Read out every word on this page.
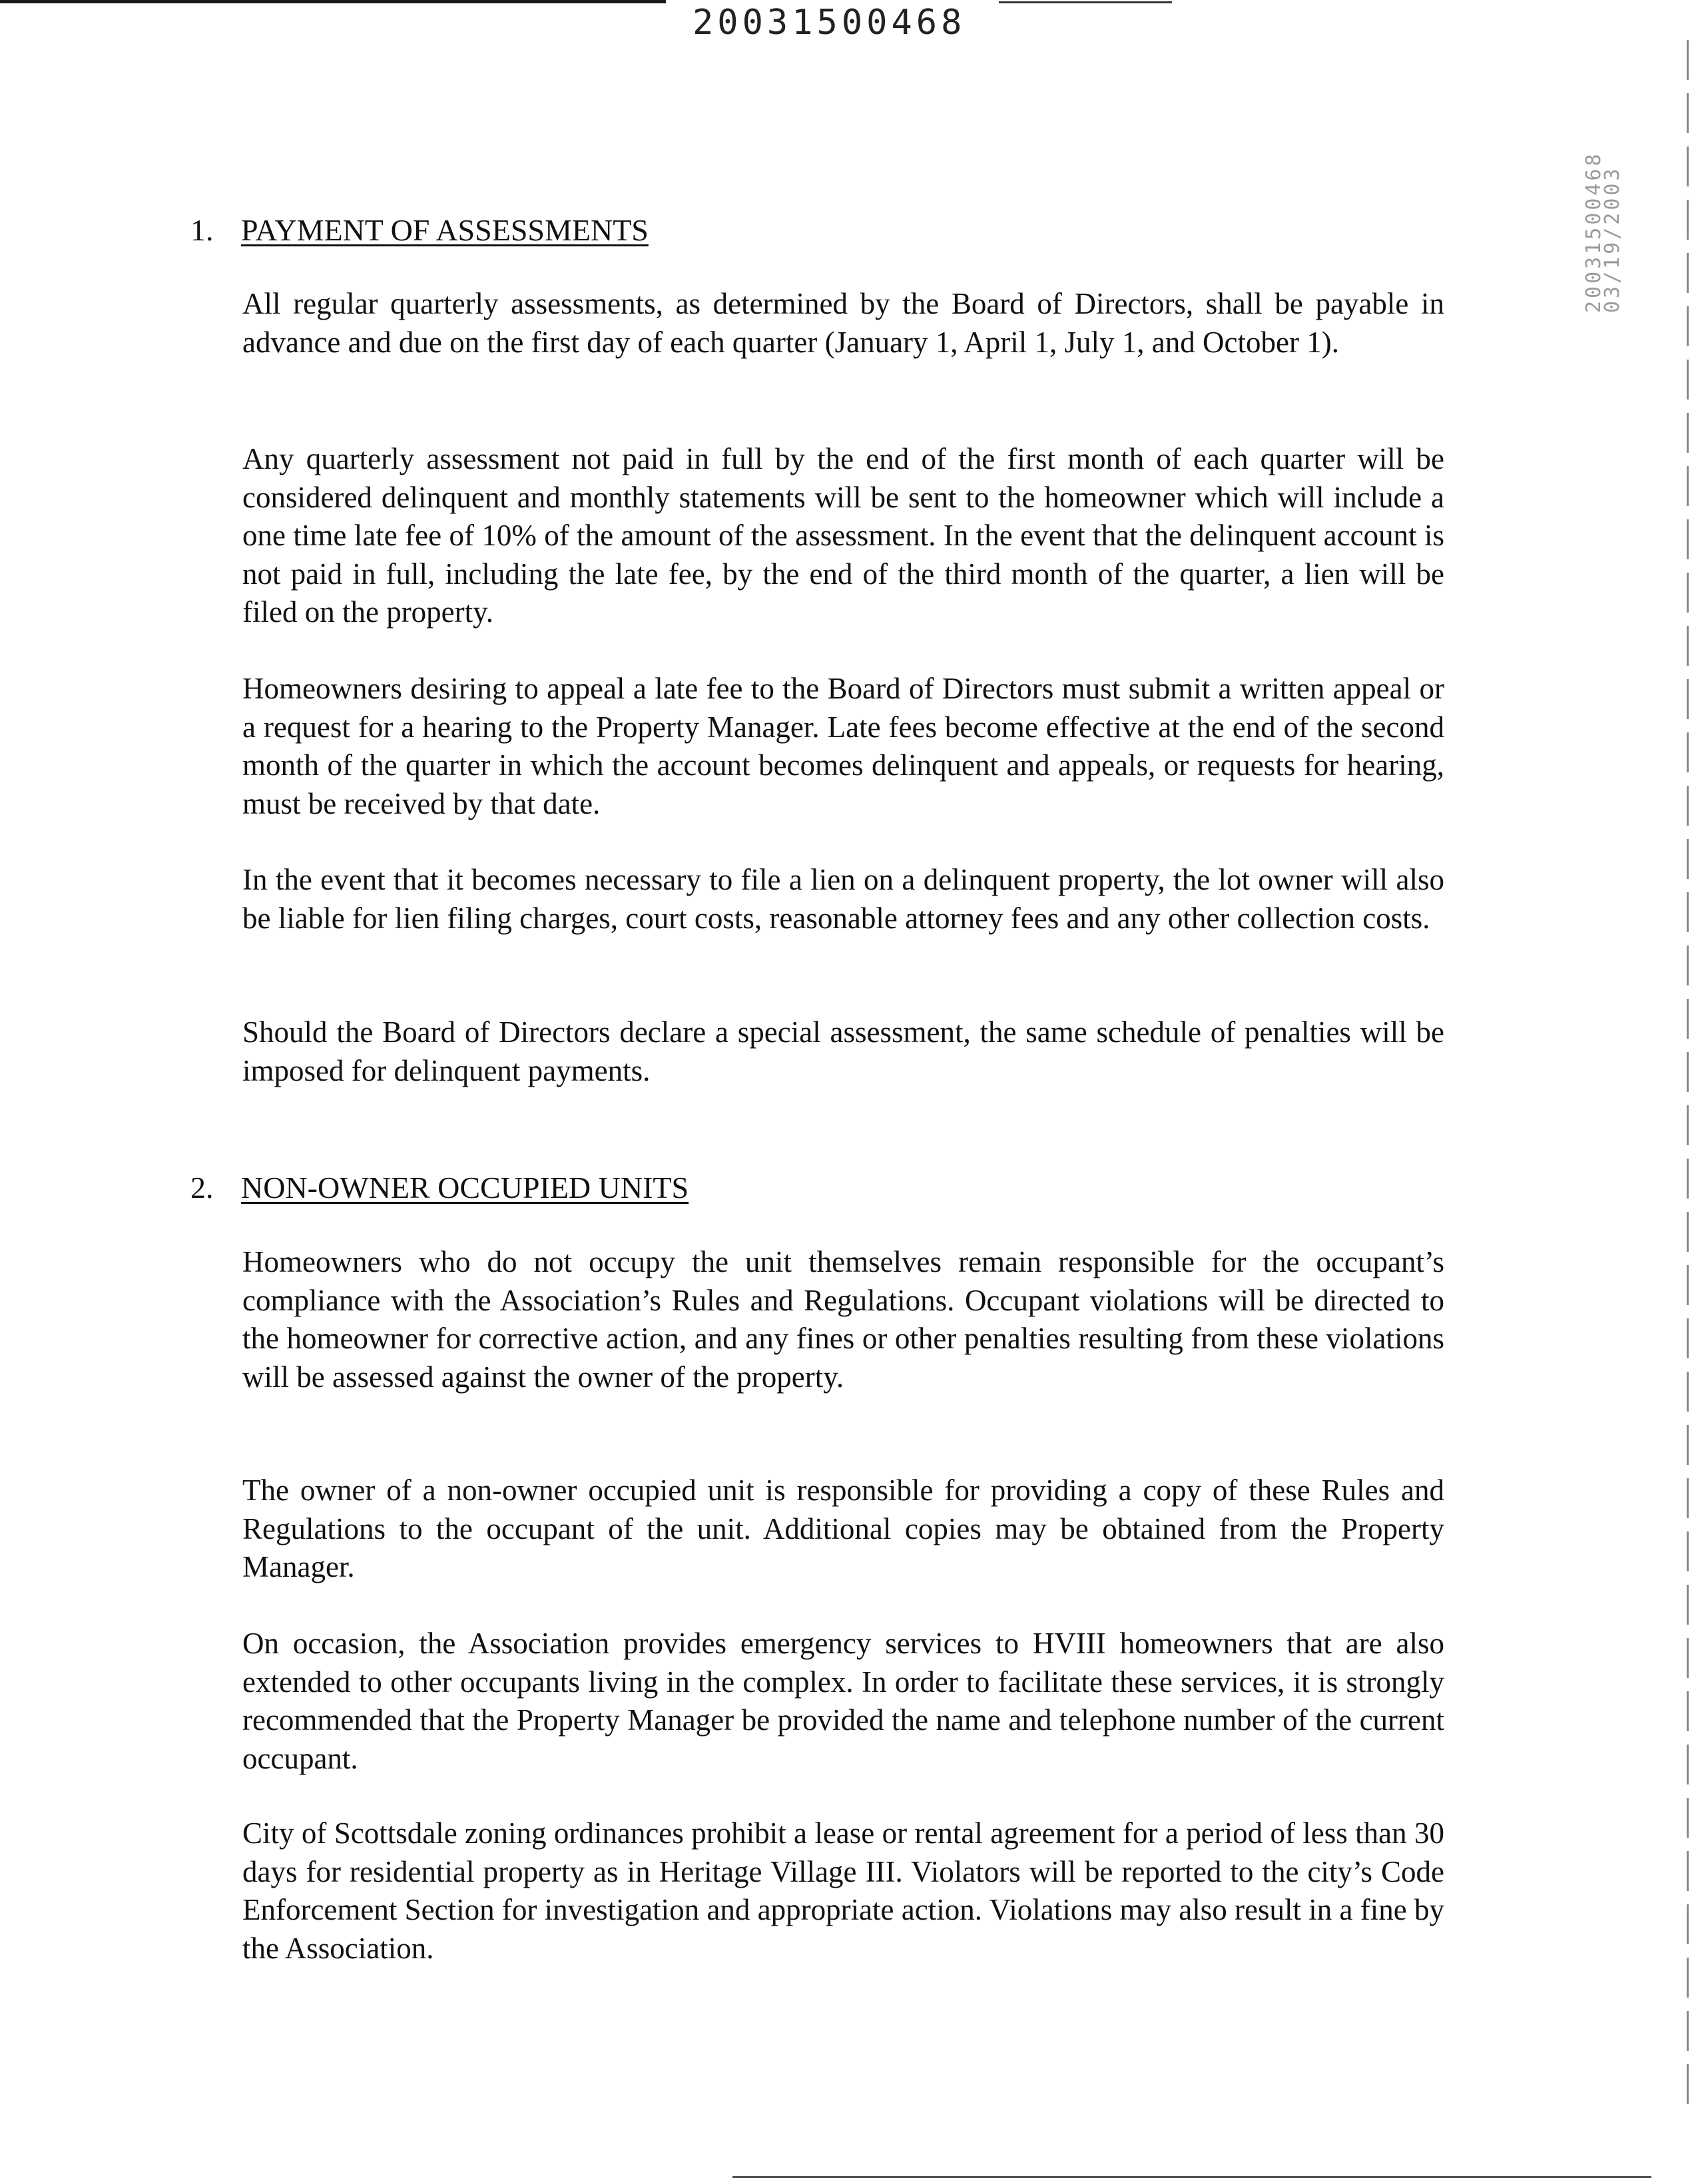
20031500468
20031500468
03/19/2003
1. PAYMENT OF ASSESSMENTS

All regular quarterly assessments, as determined by the Board of Directors, shall be payable in advance and due on the first day of each quarter (January 1, April 1, July 1, and October 1).

Any quarterly assessment not paid in full by the end of the first month of each quarter will be considered delinquent and monthly statements will be sent to the homeowner which will include a one time late fee of 10% of the amount of the assessment. In the event that the delinquent account is not paid in full, including the late fee, by the end of the third month of the quarter, a lien will be filed on the property.

Homeowners desiring to appeal a late fee to the Board of Directors must submit a written appeal or a request for a hearing to the Property Manager. Late fees become effective at the end of the second month of the quarter in which the account becomes delinquent and appeals, or requests for hearing, must be received by that date.

In the event that it becomes necessary to file a lien on a delinquent property, the lot owner will also be liable for lien filing charges, court costs, reasonable attorney fees and any other collection costs.

Should the Board of Directors declare a special assessment, the same schedule of penalties will be imposed for delinquent payments.

2. NON-OWNER OCCUPIED UNITS

Homeowners who do not occupy the unit themselves remain responsible for the occupant’s compliance with the Association’s Rules and Regulations. Occupant violations will be directed to the homeowner for corrective action, and any fines or other penalties resulting from these violations will be assessed against the owner of the property.

The owner of a non-owner occupied unit is responsible for providing a copy of these Rules and Regulations to the occupant of the unit. Additional copies may be obtained from the Property Manager.

On occasion, the Association provides emergency services to HVIII homeowners that are also extended to other occupants living in the complex. In order to facilitate these services, it is strongly recommended that the Property Manager be provided the name and telephone number of the current occupant.

City of Scottsdale zoning ordinances prohibit a lease or rental agreement for a period of less than 30 days for residential property as in Heritage Village III. Violators will be reported to the city’s Code Enforcement Section for investigation and appropriate action. Violations may also result in a fine by the Association.
